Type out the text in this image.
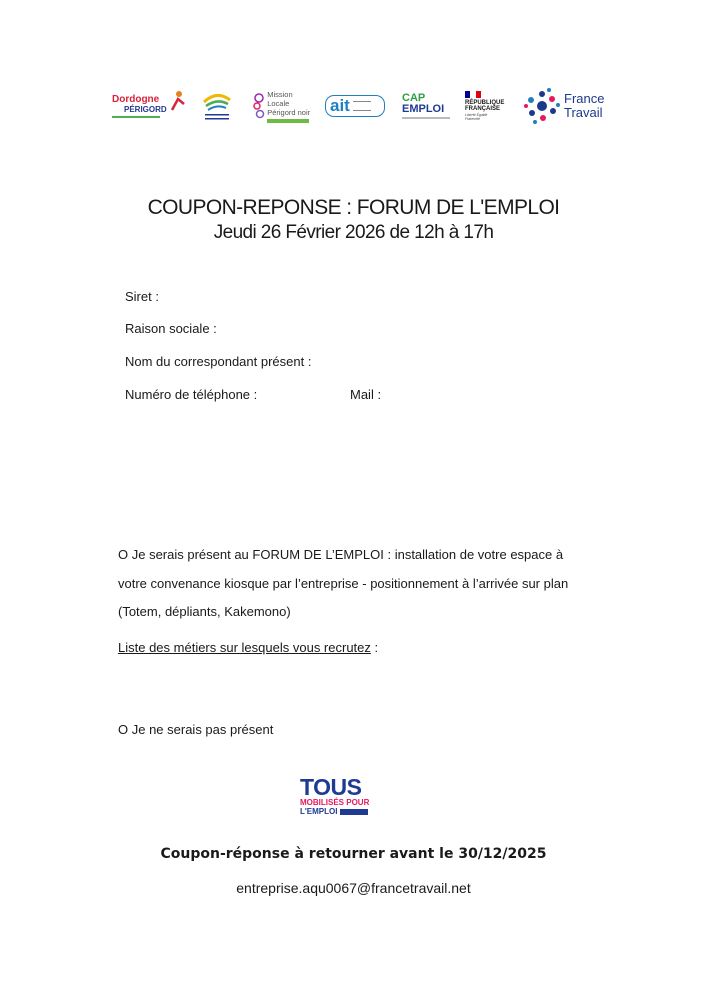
Dordogne
PÉRIGORD
Mission Locale
Périgord noir ait	CAP
EMPLOI	RÉPUBLIQUE
FRANÇAISE
Liberté Égalité Fraternité
France
Travail
COUPON-REPONSE : FORUM DE L'EMPLOI
Jeudi 26 Février 2026 de 12h à 17h
Siret :
Raison sociale :
Nom du correspondant présent :
Numéro de téléphone :	Mail :
O Je serais présent au FORUM DE L’EMPLOI : installation de votre espace à votre convenance kiosque par l’entreprise - positionnement à l’arrivée sur plan (Totem, dépliants, Kakemono)
Liste des métiers sur lesquels vous recrutez :
O Je ne serais pas présent
TOUS
MOBILISÉS POUR
L'EMPLOI
Coupon-réponse à retourner avant le 30/12/2025
entreprise.aqu0067@francetravail.net
